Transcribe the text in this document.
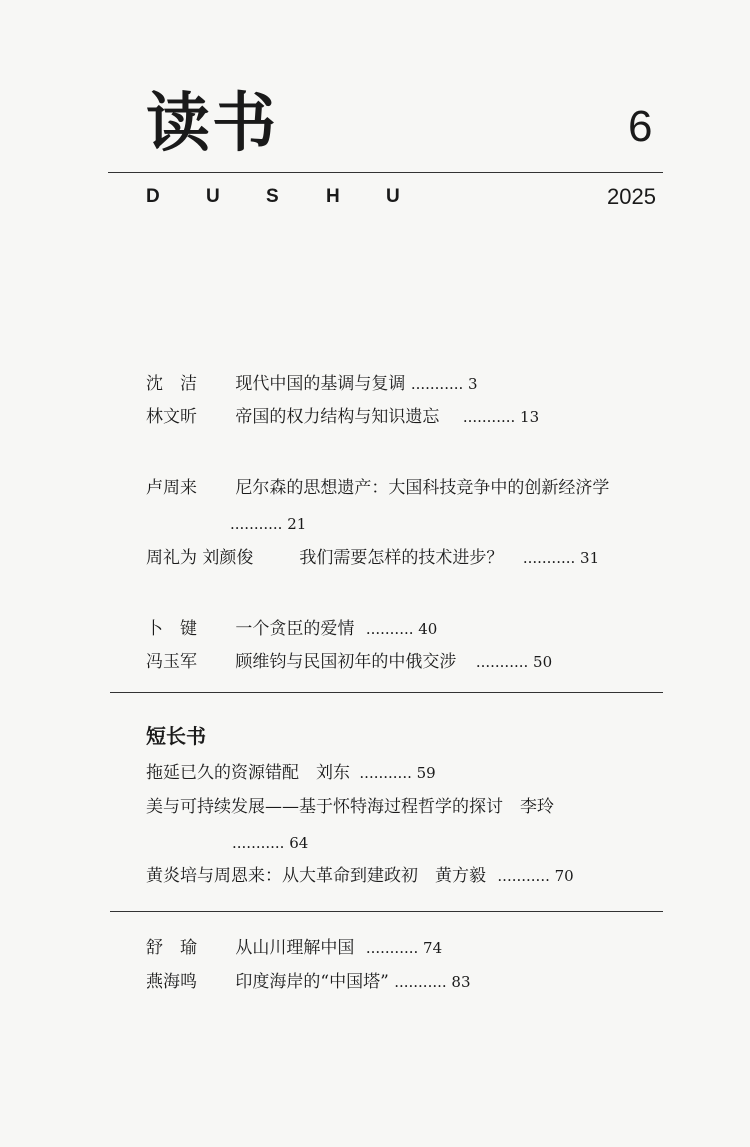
读书	6
D	U	S	H	U	2025
沈　洁 现代中国的基调与复调 ........... 3
林文昕 帝国的权力结构与知识遗忘 ........... 13
卢周来 尼尔森的思想遗产：大国科技竞争中的创新经济学
........... 21
周礼为 刘颜俊	我们需要怎样的技术进步？ ........... 31
卜　键 一个贪臣的爱情 .......... 40
冯玉军 顾维钧与民国初年的中俄交涉 ........... 50
短长书
拖延已久的资源错配　刘东 ........... 59
美与可持续发展——基于怀特海过程哲学的探讨　李玲
........... 64
黄炎培与周恩来：从大革命到建政初　黄方毅 ........... 70
舒　瑜 从山川理解中国 ........... 74
燕海鸣 印度海岸的“中国塔” ........... 83
